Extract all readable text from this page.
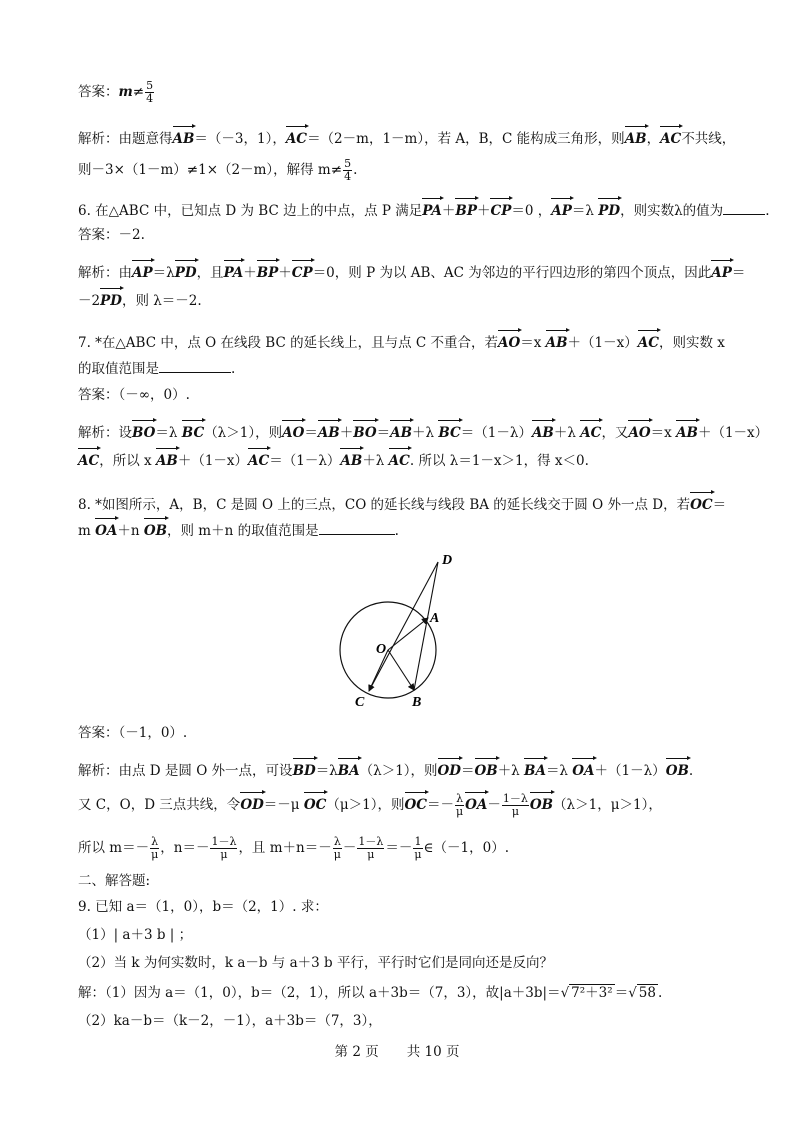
答案：$m\ne \frac{5}{4}$
解析：由题意得AB＝（－3，1），AC＝（2－m，1－m），若 A，B，C 能构成三角形，则AB，AC不共线，
则－3×（1－m）≠1×（2－m），解得 $m\ne \frac{5}{4}$ .
6. 在△ABC 中，已知点 D 为 BC 边上的中点，点 P 满足PA＋BP＋CP＝0 ，AP＝λ PD，则实数λ的值为	.
答案：－2.
解析：由AP＝λPD，且PA＋BP＋CP＝0，则 P 为以 AB、AC 为邻边的平行四边形的第四个顶点，因此AP＝
－2PD，则 λ＝－2.
7. *在△ABC 中，点 O 在线段 BC 的延长线上，且与点 C 不重合，若AO＝x AB＋（1－x）AC，则实数 x
的取值范围是	.
答案：（－∞，0）.
解析：设BO＝λ BC（λ＞1），则AO＝AB＋BO＝AB＋λ BC＝（1－λ）AB＋λ AC，又AO＝x AB＋（1－x）
AC，所以 x AB＋（1－x）AC＝（1－λ）AB＋λ AC. 所以 λ＝1－x＞1，得 x＜0.
8. *如图所示，A，B，C 是圆 O 上的三点，CO 的延长线与线段 BA 的延长线交于圆 O 外一点 D，若OC＝
m OA＋n OB，则 m＋n 的取值范围是	.
D
A
O
C	B
答案：（－1，0）.
解析：由点 D 是圆 O 外一点，可设BD＝λBA（λ＞1），则OD＝OB＋λ BA＝λ OA＋（1－λ）OB.
又 C，O，D 三点共线，令OD＝－μ OC（μ＞1），则$OC=- \frac{\lambda}{\mu} OA- \frac{1-\lambda}{\mu} OB(\lambda>1$，μ＞1），
所以 $m=- \frac{\lambda}{\mu}$ ，$n=- \frac{1-\lambda}{\mu}$ ，且 $m+n=- \frac{\lambda}{\mu} - \frac{1-\lambda}{\mu} =- \frac{1}{\mu}$ ∈（－1，0）.
二、解答题:
9. 已知 a＝（1，0），b＝（2，1）. 求：
（1）| a＋3 b | ；
（2）当 k 为何实数时，k a－b 与 a＋3 b 平行，平行时它们是同向还是反向？
解：（1）因为 a＝（1，0），b＝（2，1），所以 a＋3b＝（7，3），故|a＋3b|＝√ 7²＋3² ＝√ 58 .
（2）ka－b＝（k－2，－1），a＋3b＝（7，3），
第 2 页 共 10 页
